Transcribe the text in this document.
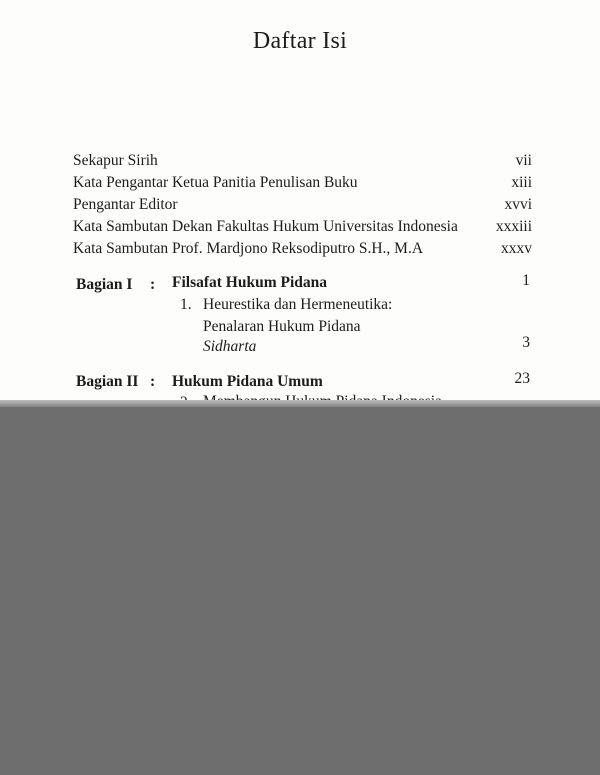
Daftar Isi
Sekapur Sirih	vii
Kata Pengantar Ketua Panitia Penulisan Buku	xiii
Pengantar Editor	xvvi
Kata Sambutan Dekan Fakultas Hukum Universitas Indonesia xxxiii
Kata Sambutan Prof. Mardjono Reksodiputro S.H., M.A	xxxv
Bagian I : Filsafat Hukum Pidana	1
1. Heurestika dan Hermeneutika:
Penalaran Hukum Pidana
Sidharta	3
Bagian II : Hukum Pidana Umum	23
